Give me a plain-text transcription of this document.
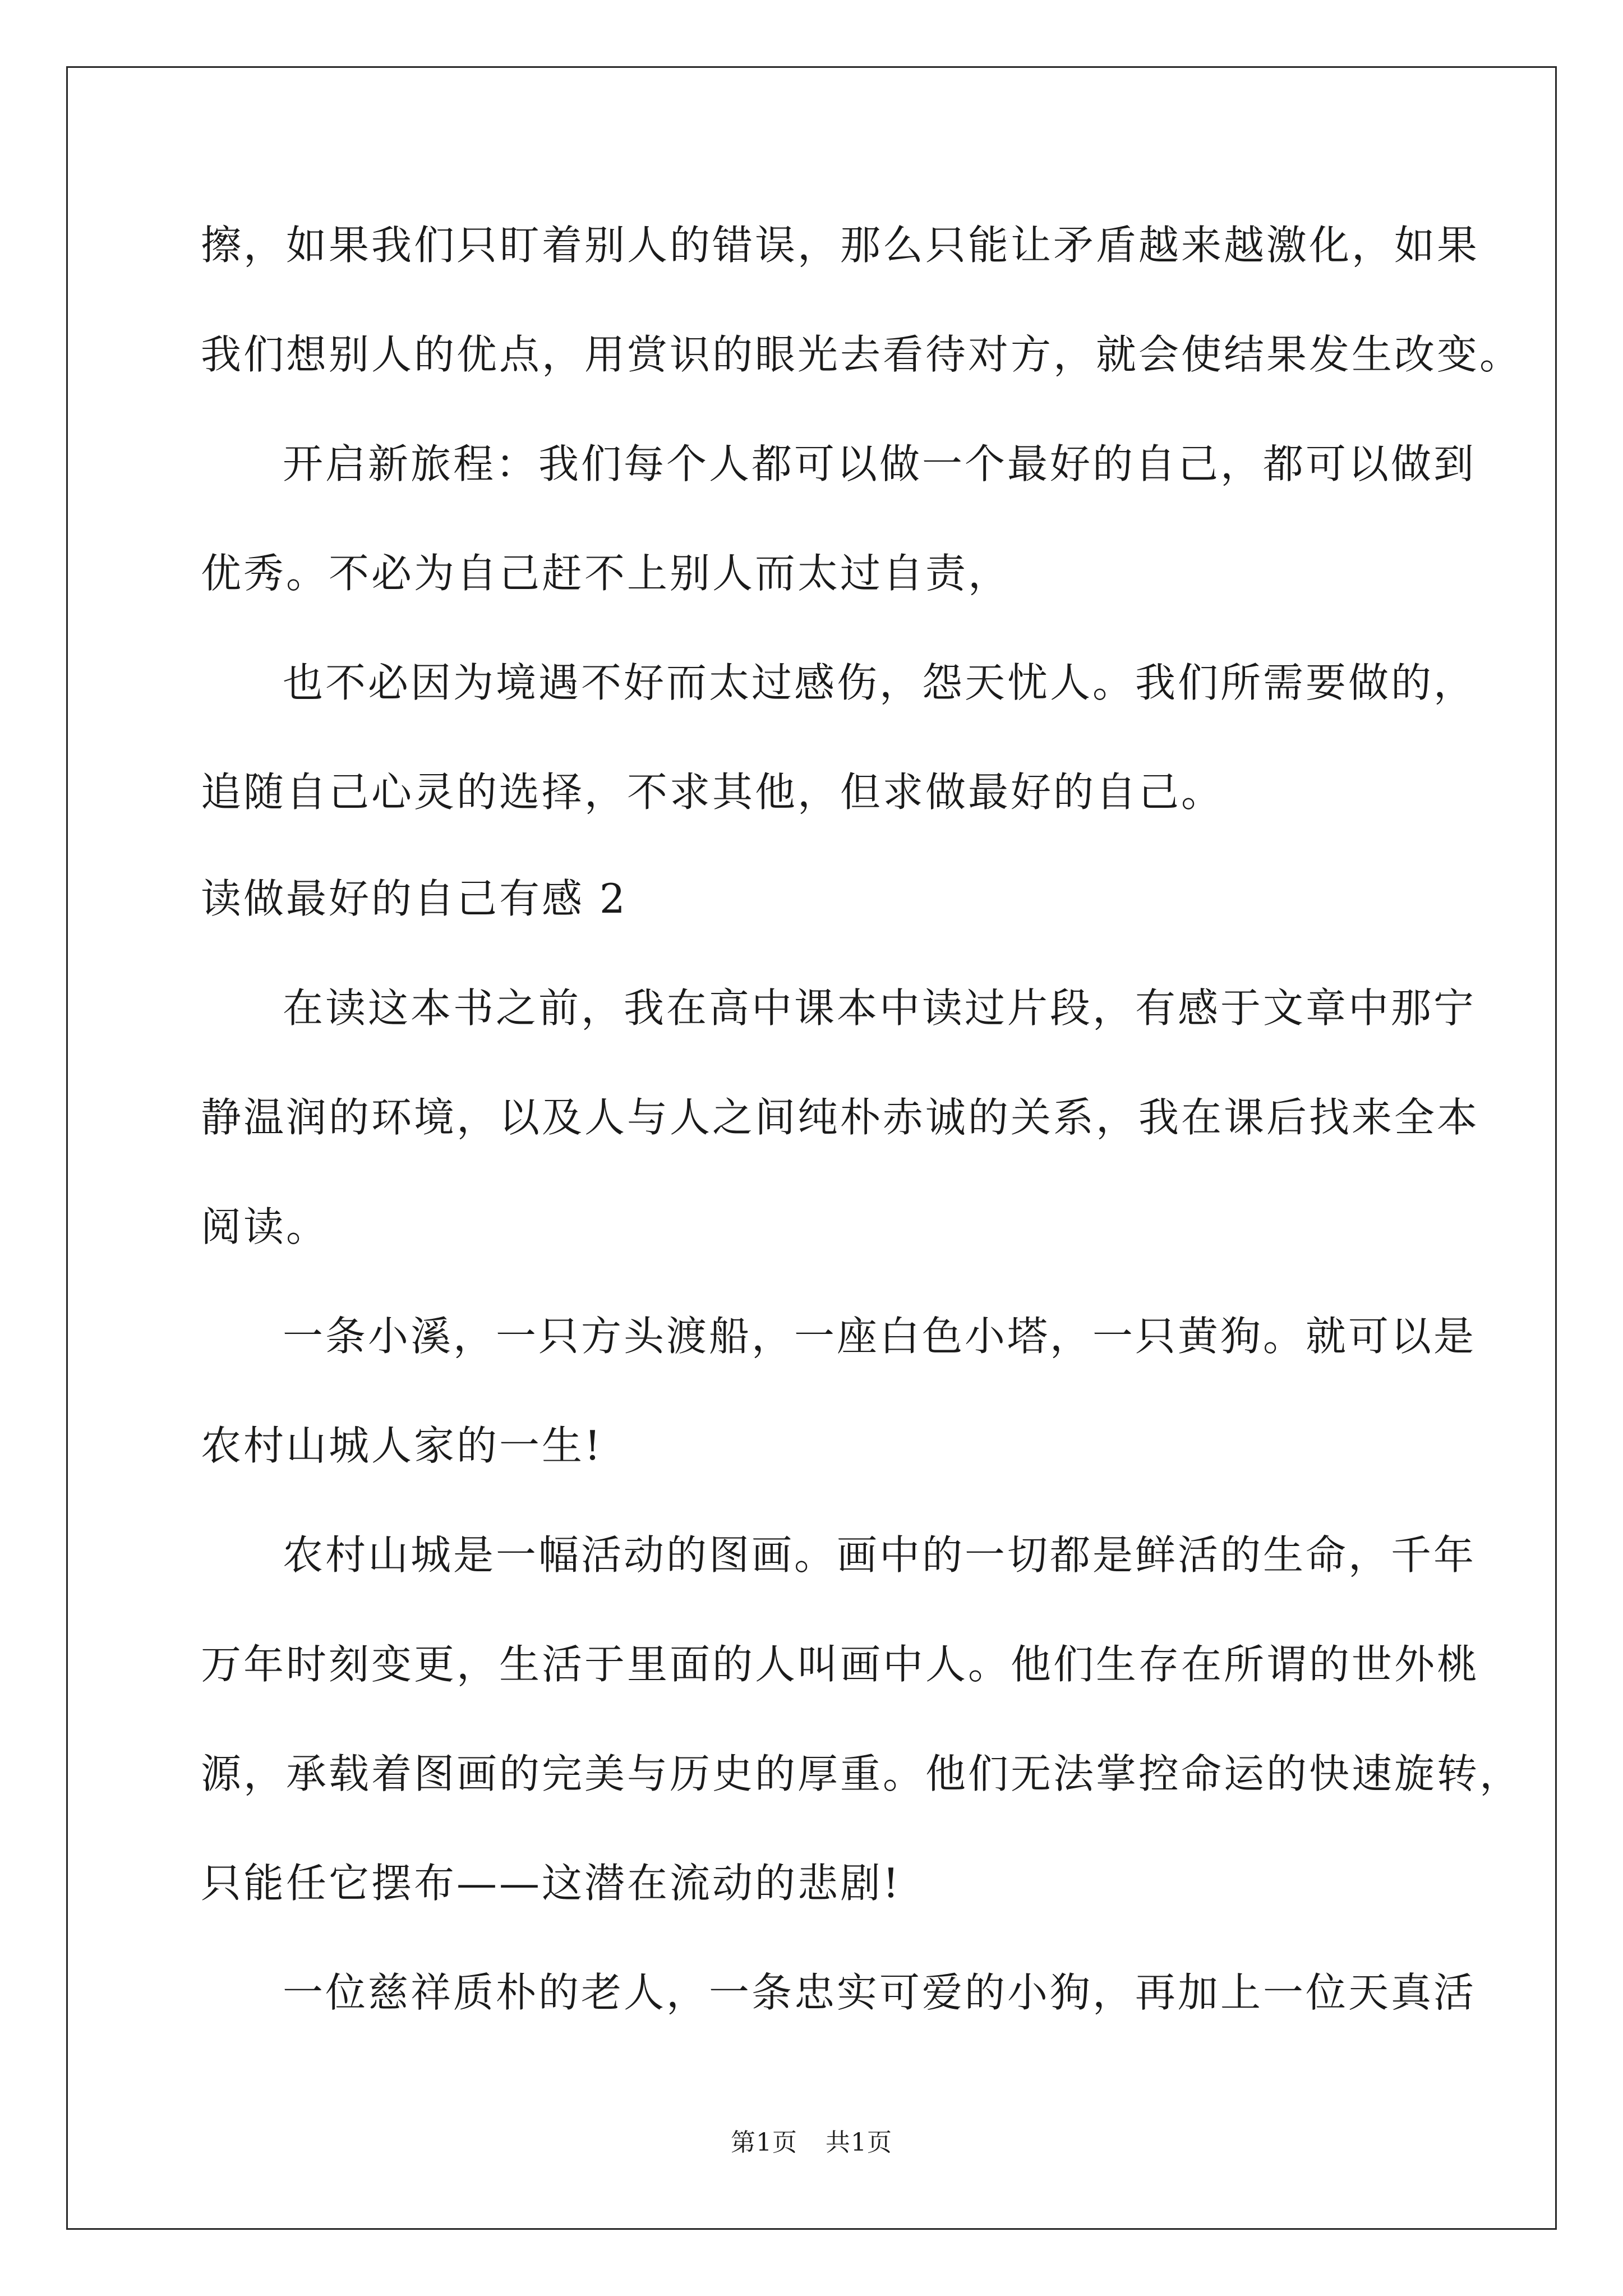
擦，如果我们只盯着别人的错误，那么只能让矛盾越来越激化，如果
我们想别人的优点，用赏识的眼光去看待对方，就会使结果发生改变。
开启新旅程：我们每个人都可以做一个最好的自己，都可以做到
优秀。不必为自己赶不上别人而太过自责，
也不必因为境遇不好而太过感伤，怨天忧人。我们所需要做的，
追随自己心灵的选择，不求其他，但求做最好的自己。
读做最好的自己有感 2
在读这本书之前，我在高中课本中读过片段，有感于文章中那宁
静温润的环境，以及人与人之间纯朴赤诚的关系，我在课后找来全本
阅读。
一条小溪，一只方头渡船，一座白色小塔，一只黄狗。就可以是
农村山城人家的一生!
农村山城是一幅活动的图画。画中的一切都是鲜活的生命，千年
万年时刻变更，生活于里面的人叫画中人。他们生存在所谓的世外桃
源，承载着图画的完美与历史的厚重。他们无法掌控命运的快速旋转，
只能任它摆布——这潜在流动的悲剧!
一位慈祥质朴的老人，一条忠实可爱的小狗，再加上一位天真活
第1页 共1页
